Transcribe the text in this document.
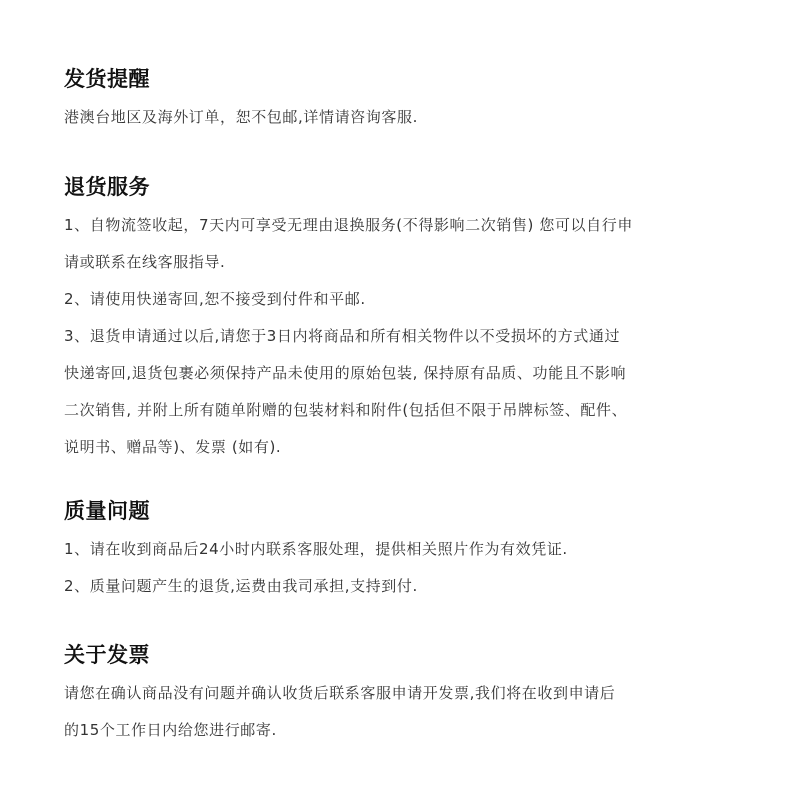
发货提醒

港澳台地区及海外订单，恕不包邮,详情请咨询客服.

退货服务

1、自物流签收起，7天内可享受无理由退换服务(不得影响二次销售) 您可以自行申

请或联系在线客服指导.

2、请使用快递寄回,恕不接受到付件和平邮.

3、退货申请通过以后,请您于3日内将商品和所有相关物件以不受损坏的方式通过

快递寄回,退货包裹必须保持产品未使用的原始包装, 保持原有品质、功能且不影响

二次销售, 并附上所有随单附赠的包装材料和附件(包括但不限于吊牌标签、配件、

说明书、赠品等)、发票 (如有).

质量问题

1、请在收到商品后24小时内联系客服处理，提供相关照片作为有效凭证.

2、质量问题产生的退货,运费由我司承担,支持到付.

关于发票

请您在确认商品没有问题并确认收货后联系客服申请开发票,我们将在收到申请后

的15个工作日内给您进行邮寄.
